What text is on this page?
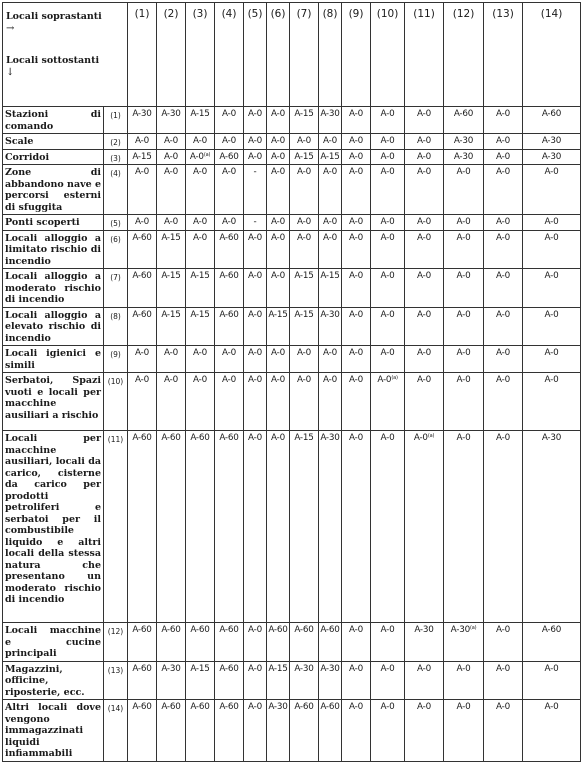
Locali soprastanti
→
Locali sottostanti
↓		(1)	(2)	(3)	(4)	(5)	(6)	(7)	(8)	(9)	(10)	(11)	(12)	(13)	(14)
Stazioni di comando	(1)	A-30	A-30	A-15	A-0	A-0	A-0	A-15	A-30	A-0	A-0	A-0	A-60	A-0	A-60
Scale	(2)	A-0	A-0	A-0	A-0	A-0	A-0	A-0	A-0	A-0	A-0	A-0	A-30	A-0	A-30
Corridoi	(3)	A-15	A-0	A-0$^{(a)}$	A-60	A-0	A-0	A-15	A-15	A-0	A-0	A-0	A-30	A-0	A-30
Zone di abbandono nave e percorsi esterni di sfuggita	(4)	A-0	A-0	A-0	A-0	-	A-0	A-0	A-0	A-0	A-0	A-0	A-0	A-0	A-0
Ponti scoperti	(5)	A-0	A-0	A-0	A-0	-	A-0	A-0	A-0	A-0	A-0	A-0	A-0	A-0	A-0
Locali alloggio a limitato rischio di incendio	(6)	A-60	A-15	A-0	A-60	A-0	A-0	A-0	A-0	A-0	A-0	A-0	A-0	A-0	A-0
Locali alloggio a moderato rischio di incendio	(7)	A-60	A-15	A-15	A-60	A-0	A-0	A-15	A-15	A-0	A-0	A-0	A-0	A-0	A-0
Locali alloggio a elevato rischio di incendio	(8)	A-60	A-15	A-15	A-60	A-0	A-15	A-15	A-30	A-0	A-0	A-0	A-0	A-0	A-0
Locali igienici e simili	(9)	A-0	A-0	A-0	A-0	A-0	A-0	A-0	A-0	A-0	A-0	A-0	A-0	A-0	A-0
Serbatoi, Spazi vuoti e locali per macchine ausiliari a rischio	(10)	A-0	A-0	A-0	A-0	A-0	A-0	A-0	A-0	A-0	A-0$^{(a)}$	A-0	A-0	A-0	A-0
Locali per macchine ausiliari, locali da carico, cisterne da carico per prodotti petroliferi e serbatoi per il combustibile liquido e altri locali della stessa natura che presentano un moderato rischio di incendio	(11)	A-60	A-60	A-60	A-60	A-0	A-0	A-15	A-30	A-0	A-0	A-0$^{(a)}$	A-0	A-0	A-30
Locali macchine e cucine principali	(12)	A-60	A-60	A-60	A-60	A-0	A-60	A-60	A-60	A-0	A-0	A-30	A-30$^{(a)}$	A-0	A-60
Magazzini, officine, riposterie, ecc.	(13)	A-60	A-30	A-15	A-60	A-0	A-15	A-30	A-30	A-0	A-0	A-0	A-0	A-0	A-0
Altri locali dove vengono immagazzinati liquidi infiammabili	(14)	A-60	A-60	A-60	A-60	A-0	A-30	A-60	A-60	A-0	A-0	A-0	A-0	A-0	A-0
